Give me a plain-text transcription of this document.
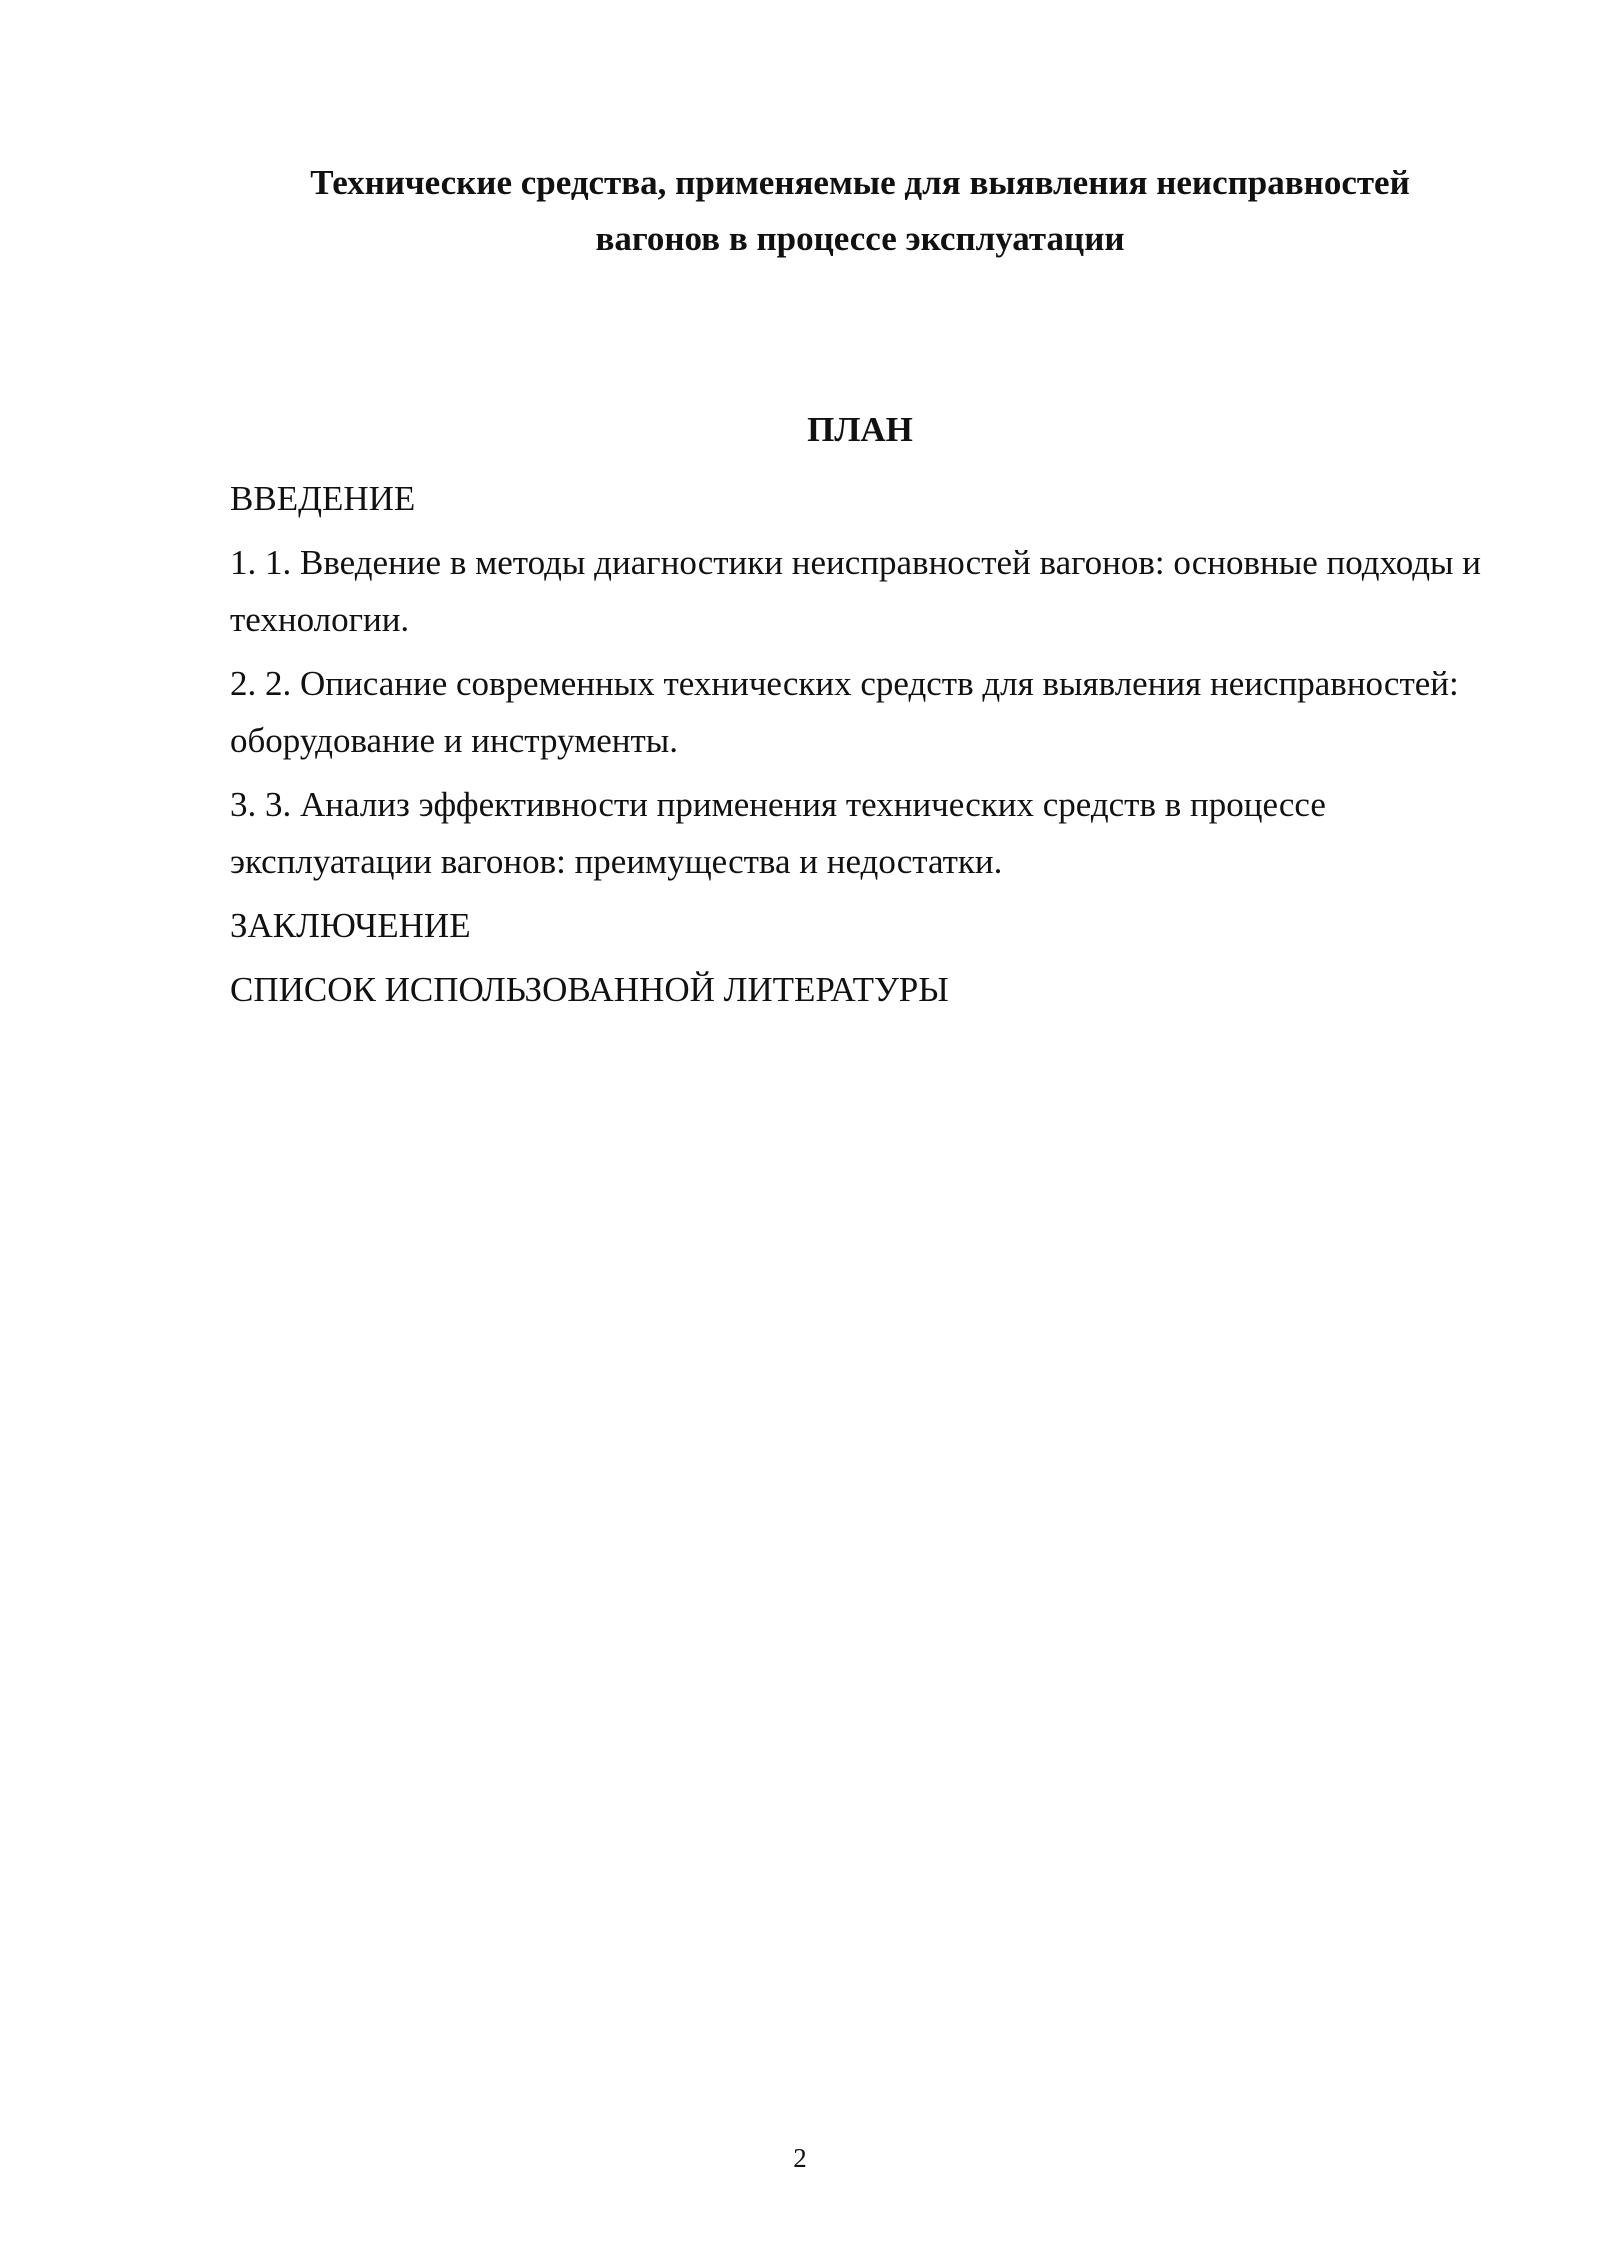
Технические средства, применяемые для выявления неисправностей
вагонов в процессе эксплуатации
ПЛАН
ВВЕДЕНИЕ
1. 1. Введение в методы диагностики неисправностей вагонов: основные подходы и технологии.
2. 2. Описание современных технических средств для выявления неисправностей: оборудование и инструменты.
3. 3. Анализ эффективности применения технических средств в процессе эксплуатации вагонов: преимущества и недостатки.
ЗАКЛЮЧЕНИЕ
СПИСОК ИСПОЛЬЗОВАННОЙ ЛИТЕРАТУРЫ
2
